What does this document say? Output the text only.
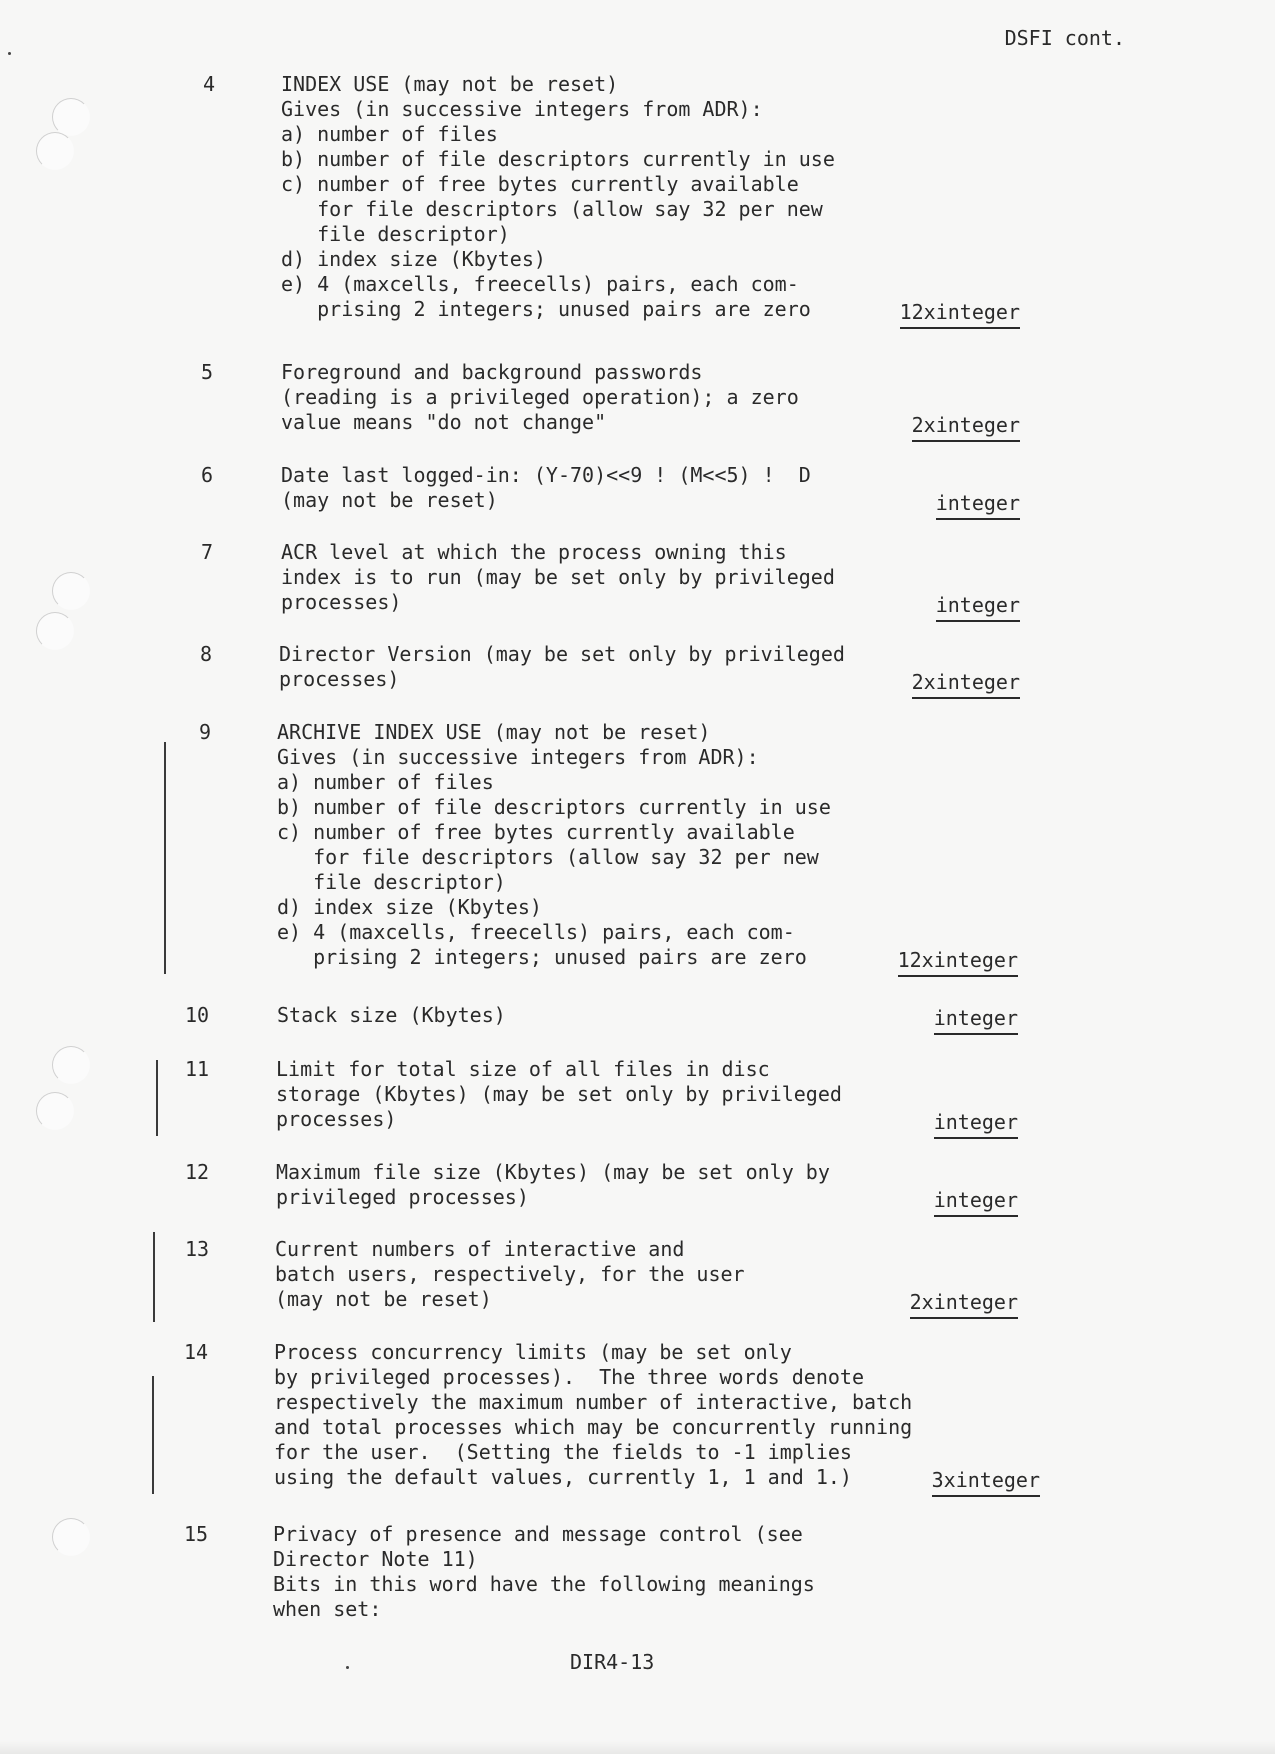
DSFI cont.
4	INDEX USE (may not be reset)
Gives (in successive integers from ADR):
a) number of files
b) number of file descriptors currently in use
c) number of free bytes currently available
for file descriptors (allow say 32 per new
file descriptor)
d) index size (Kbytes)
e) 4 (maxcells, freecells) pairs, each com-
prising 2 integers; unused pairs are zero	12xinteger
5	Foreground and background passwords
(reading is a privileged operation); a zero
value means "do not change"	2xinteger
6	Date last logged-in: (Y-70)<<9 ! (M<<5) !  D
(may not be reset)	integer
7	ACR level at which the process owning this
index is to run (may be set only by privileged
processes)	integer
8	Director Version (may be set only by privileged
processes)	2xinteger
9	ARCHIVE INDEX USE (may not be reset)
Gives (in successive integers from ADR):
a) number of files
b) number of file descriptors currently in use
c) number of free bytes currently available
for file descriptors (allow say 32 per new
file descriptor)
d) index size (Kbytes)
e) 4 (maxcells, freecells) pairs, each com-
prising 2 integers; unused pairs are zero	12xinteger
10	Stack size (Kbytes)	integer
11	Limit for total size of all files in disc
storage (Kbytes) (may be set only by privileged
processes)	integer
12	Maximum file size (Kbytes) (may be set only by
privileged processes)	integer
13	Current numbers of interactive and
batch users, respectively, for the user
(may not be reset)	2xinteger
14	Process concurrency limits (may be set only
by privileged processes).  The three words denote
respectively the maximum number of interactive, batch
and total processes which may be concurrently running
for the user.  (Setting the fields to -1 implies
using the default values, currently 1, 1 and 1.)	3xinteger
15	Privacy of presence and message control (see
Director Note 11)
Bits in this word have the following meanings
when set:
DIR4-13
